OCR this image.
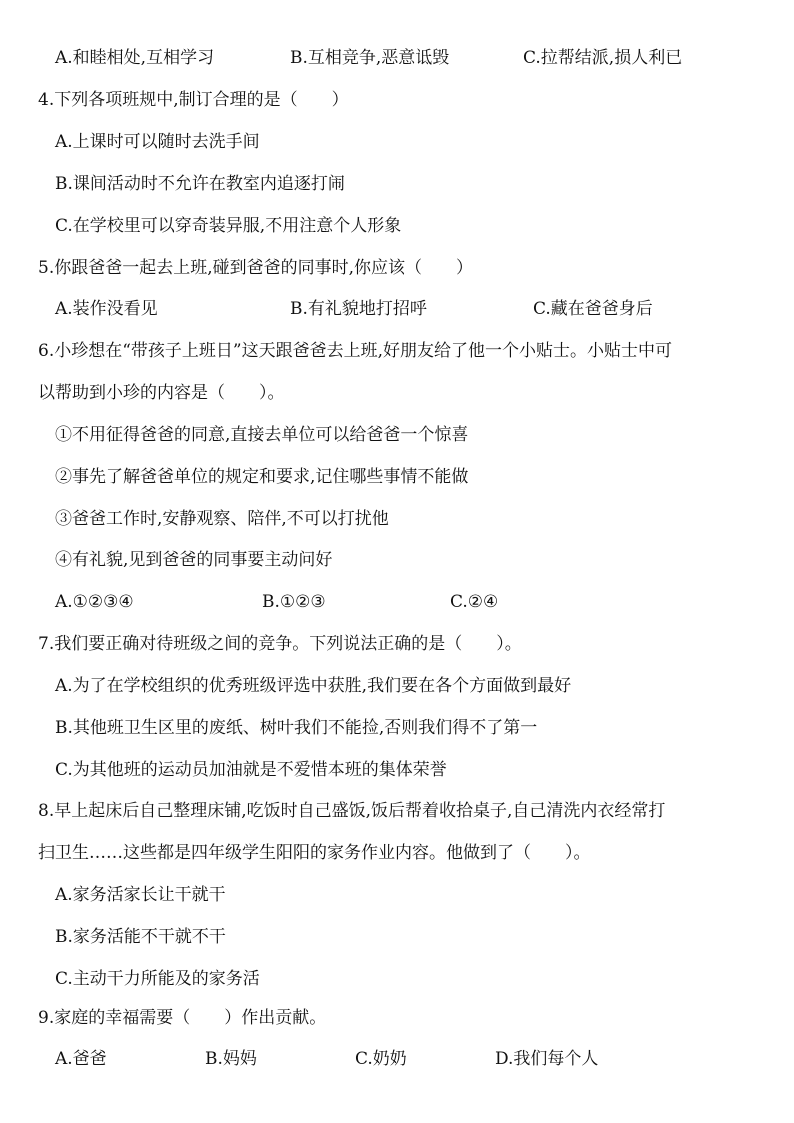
A.和睦相处,互相学习	B.互相竞争,恶意诋毁	C.拉帮结派,损人利已
4.下列各项班规中,制订合理的是（　　）
A.上课时可以随时去洗手间
B.课间活动时不允许在教室内追逐打闹
C.在学校里可以穿奇装异服,不用注意个人形象
5.你跟爸爸一起去上班,碰到爸爸的同事时,你应该（　　）
A.装作没看见	B.有礼貌地打招呼	C.藏在爸爸身后
6.小珍想在“带孩子上班日”这天跟爸爸去上班,好朋友给了他一个小贴士。小贴士中可
以帮助到小珍的内容是（　　）。
①不用征得爸爸的同意,直接去单位可以给爸爸一个惊喜
②事先了解爸爸单位的规定和要求,记住哪些事情不能做
③爸爸工作时,安静观察、陪伴,不可以打扰他
④有礼貌,见到爸爸的同事要主动问好
A.①②③④	B.①②③	C.②④
7.我们要正确对待班级之间的竞争。下列说法正确的是（　　）。
A.为了在学校组织的优秀班级评选中获胜,我们要在各个方面做到最好
B.其他班卫生区里的废纸、树叶我们不能捡,否则我们得不了第一
C.为其他班的运动员加油就是不爱惜本班的集体荣誉
8.早上起床后自己整理床铺,吃饭时自己盛饭,饭后帮着收拾桌子,自己清洗内衣经常打
扫卫生……这些都是四年级学生阳阳的家务作业内容。他做到了（　　）。
A.家务活家长让干就干
B.家务活能不干就不干
C.主动干力所能及的家务活
9.家庭的幸福需要（　　）作出贡献。
A.爸爸	B.妈妈	C.奶奶	D.我们每个人
